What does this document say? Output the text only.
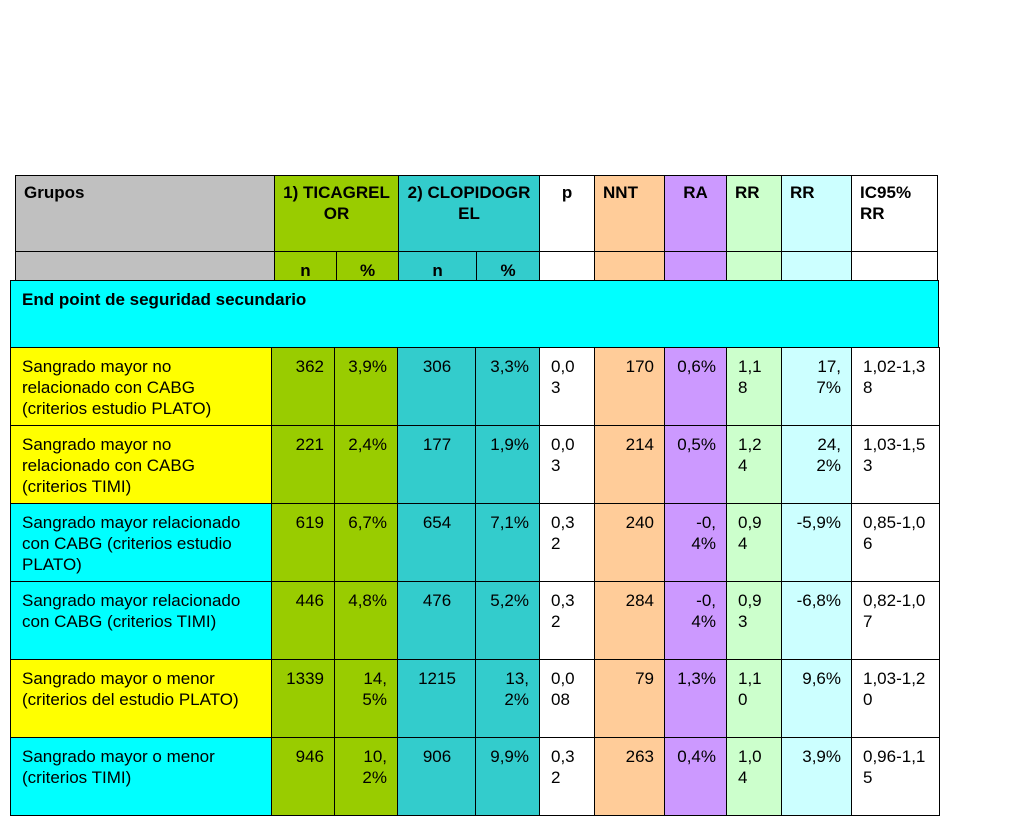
Grupos	1) TICAGRELOR		2) CLOPIDOGREL		p	NNT	RA	RR	RR	IC95% RR
	n	%	n	%						
End point de seguridad secundario
Sangrado mayor no relacionado con CABG (criterios estudio PLATO)	362	3,9%	306	3,3%	0,03	170	0,6%	1,18	17,7%	1,02-1,38
Sangrado mayor no relacionado con CABG (criterios TIMI)	221	2,4%	177	1,9%	0,03	214	0,5%	1,24	24,2%	1,03-1,53
Sangrado mayor relacionado con CABG (criterios estudio PLATO)	619	6,7%	654	7,1%	0,32	240	-0,4%	0,94	-5,9%	0,85-1,06
Sangrado mayor relacionado con CABG (criterios TIMI)	446	4,8%	476	5,2%	0,32	284	-0,4%	0,93	-6,8%	0,82-1,07
Sangrado mayor o menor (criterios del estudio PLATO)	1339	14,5%	1215	13,2%	0,008	79	1,3%	1,10	9,6%	1,03-1,20
Sangrado mayor o menor (criterios TIMI)	946	10,2%	906	9,9%	0,32	263	0,4%	1,04	3,9%	0,96-1,15
